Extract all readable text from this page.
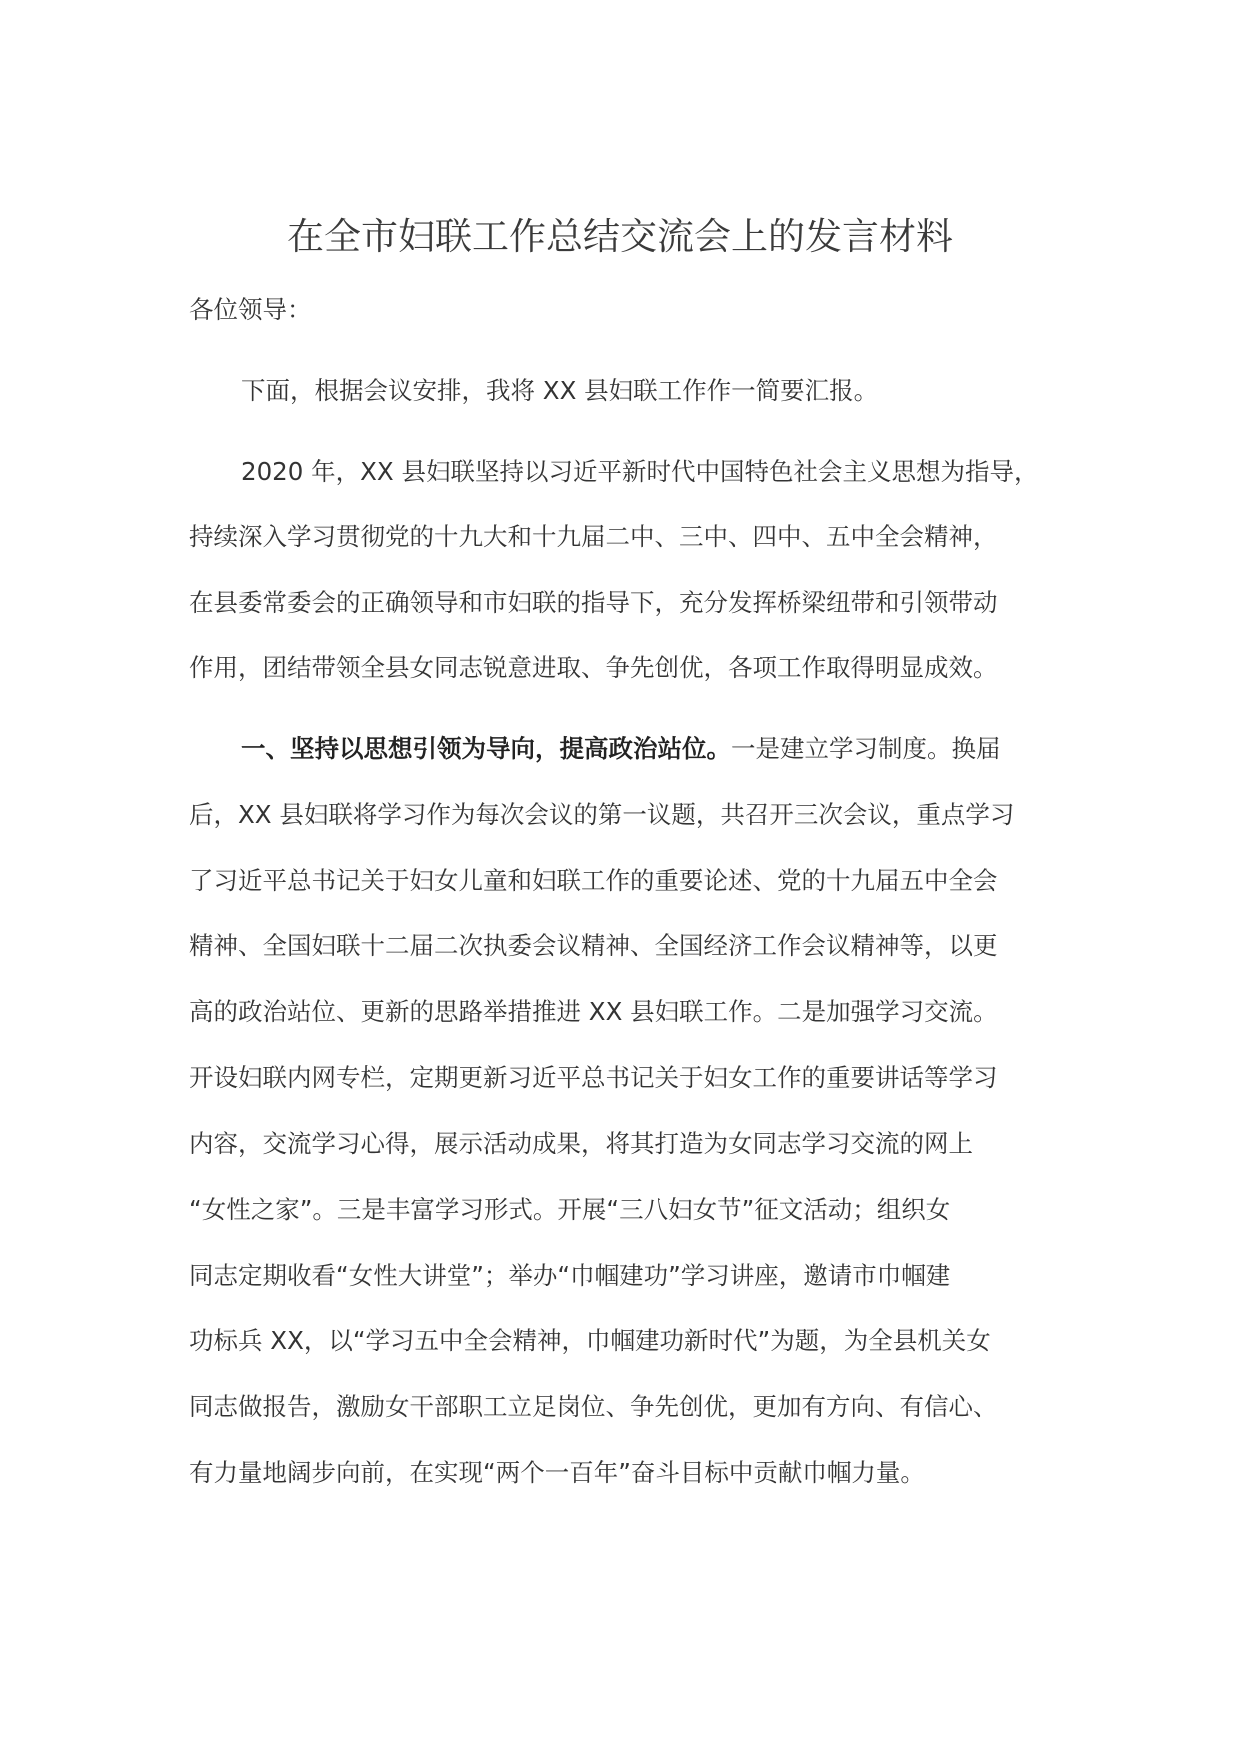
在全市妇联工作总结交流会上的发言材料
各位领导：
下面，根据会议安排，我将 XX 县妇联工作作一简要汇报。
2020 年，XX 县妇联坚持以习近平新时代中国特色社会主义思想为指导，
持续深入学习贯彻党的十九大和十九届二中、三中、四中、五中全会精神，
在县委常委会的正确领导和市妇联的指导下，充分发挥桥梁纽带和引领带动
作用，团结带领全县女同志锐意进取、争先创优，各项工作取得明显成效。
一、坚持以思想引领为导向，提高政治站位。一是建立学习制度。换届
后，XX 县妇联将学习作为每次会议的第一议题，共召开三次会议，重点学习
了习近平总书记关于妇女儿童和妇联工作的重要论述、党的十九届五中全会
精神、全国妇联十二届二次执委会议精神、全国经济工作会议精神等，以更
高的政治站位、更新的思路举措推进 XX 县妇联工作。二是加强学习交流。
开设妇联内网专栏，定期更新习近平总书记关于妇女工作的重要讲话等学习
内容，交流学习心得，展示活动成果，将其打造为女同志学习交流的网上
“女性之家”。三是丰富学习形式。开展“三八妇女节”征文活动；组织女
同志定期收看“女性大讲堂”；举办“巾帼建功”学习讲座，邀请市巾帼建
功标兵 XX，以“学习五中全会精神，巾帼建功新时代”为题，为全县机关女
同志做报告，激励女干部职工立足岗位、争先创优，更加有方向、有信心、
有力量地阔步向前，在实现“两个一百年”奋斗目标中贡献巾帼力量。
